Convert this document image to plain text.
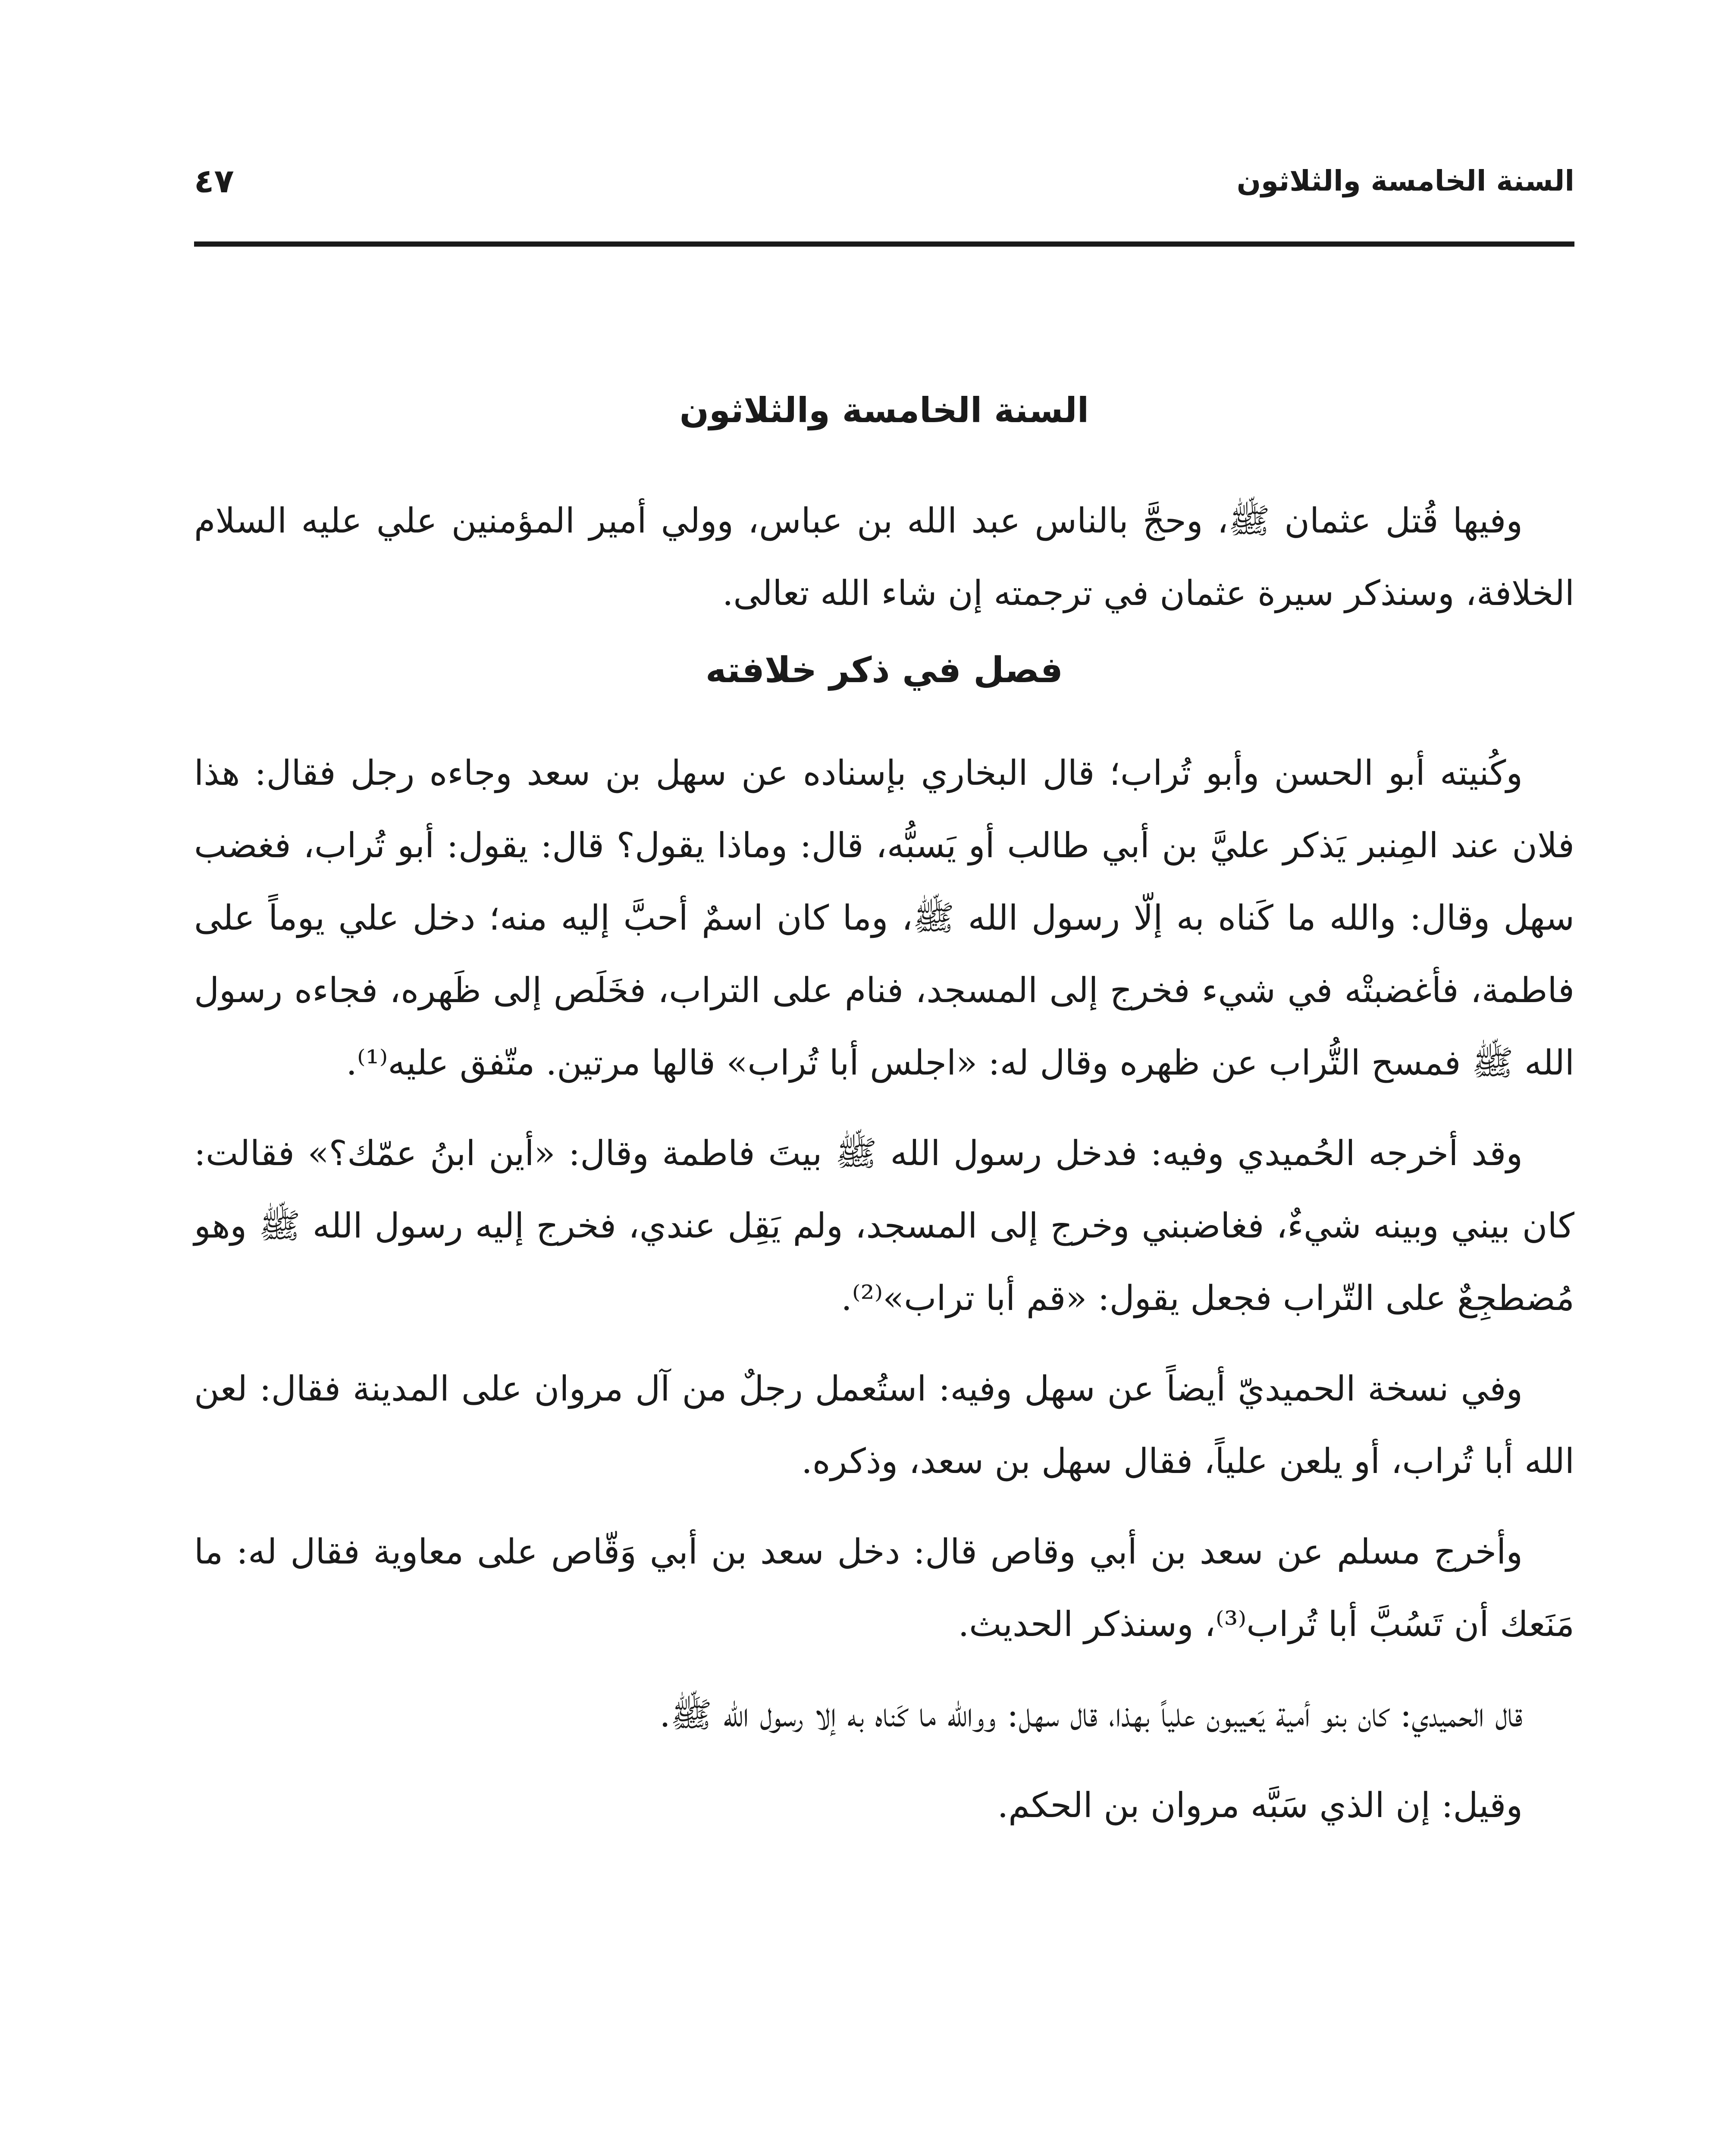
السنة الخامسة والثلاثون
٤٧
السنة الخامسة والثلاثون

وفيها قُتل عثمان ﷺ، وحجَّ بالناس عبد الله بن عباس، وولي أمير المؤمنين علي عليه السلام الخلافة، وسنذكر سيرة عثمان في ترجمته إن شاء الله تعالى.

فصل في ذكر خلافته

وكُنيته أبو الحسن وأبو تُراب؛ قال البخاري بإسناده عن سهل بن سعد وجاءه رجل فقال: هذا فلان عند المِنبر يَذكر عليَّ بن أبي طالب أو يَسبُّه، قال: وماذا يقول؟ قال: يقول: أبو تُراب، فغضب سهل وقال: والله ما كَناه به إلّا رسول الله ﷺ، وما كان اسمٌ أحبَّ إليه منه؛ دخل علي يوماً على فاطمة، فأغضبتْه في شيء فخرج إلى المسجد، فنام على التراب، فخَلَص إلى ظَهره، فجاءه رسول الله ﷺ فمسح التُّراب عن ظهره وقال له: «اجلس أبا تُراب» قالها مرتين. متّفق عليه⁽¹⁾.

وقد أخرجه الحُميدي وفيه: فدخل رسول الله ﷺ بيتَ فاطمة وقال: «أين ابنُ عمّك؟» فقالت: كان بيني وبينه شيءٌ، فغاضبني وخرج إلى المسجد، ولم يَقِل عندي، فخرج إليه رسول الله ﷺ وهو مُضطجِعٌ على التّراب فجعل يقول: «قم أبا تراب»⁽²⁾.

وفي نسخة الحميديّ أيضاً عن سهل وفيه: استُعمل رجلٌ من آل مروان على المدينة فقال: لعن الله أبا تُراب، أو يلعن علياً، فقال سهل بن سعد، وذكره.

وأخرج مسلم عن سعد بن أبي وقاص قال: دخل سعد بن أبي وَقّاص على معاوية فقال له: ما مَنَعك أن تَسُبَّ أبا تُراب⁽³⁾، وسنذكر الحديث.

قال الحميدي: كان بنو أمية يَعيبون علياً بهذا، قال سهل: ووالله ما كَناه به إلا رسول الله ﷺ.

وقيل: إن الذي سَبَّه مروان بن الحكم.
